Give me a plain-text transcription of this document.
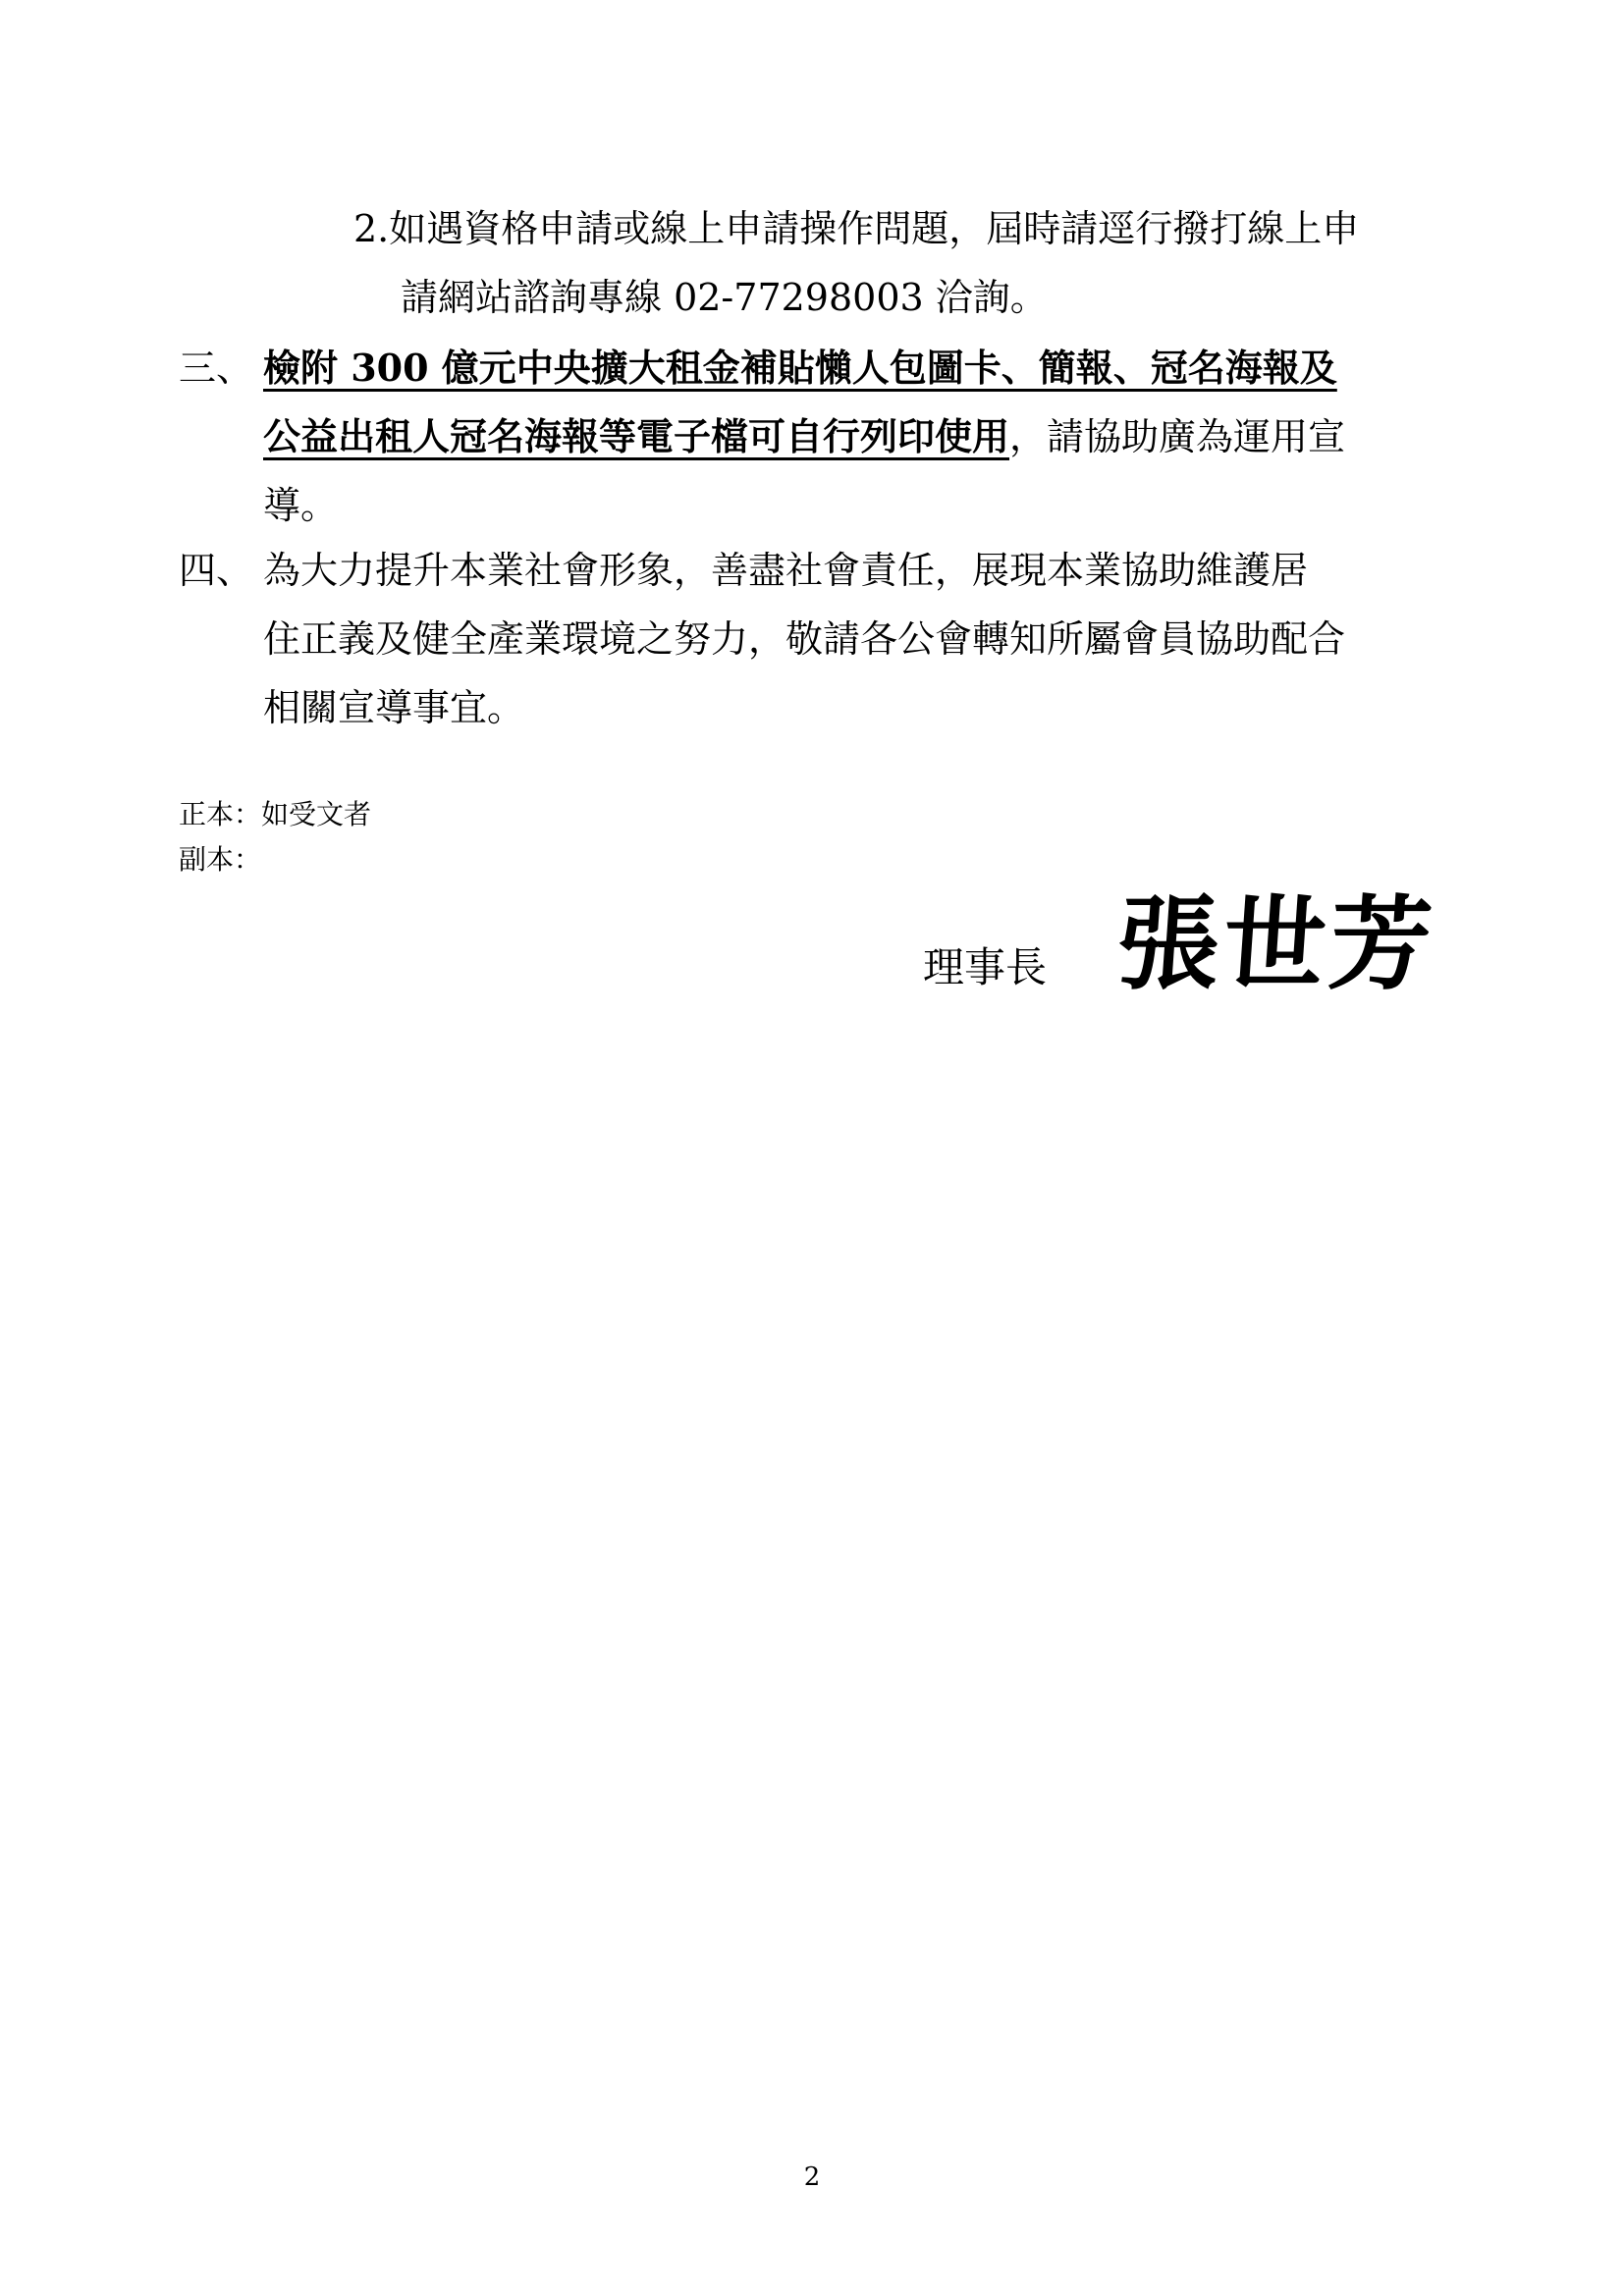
2.如遇資格申請或線上申請操作問題，屆時請逕行撥打線上申
請網站諮詢專線 02-77298003 洽詢。
三、 檢附 300 億元中央擴大租金補貼懶人包圖卡、簡報、冠名海報及
公益出租人冠名海報等電子檔可自行列印使用，請協助廣為運用宣
導。
四、 為大力提升本業社會形象，善盡社會責任，展現本業協助維護居
住正義及健全產業環境之努力，敬請各公會轉知所屬會員協助配合
相關宣導事宜。
正本：如受文者
副本：
理事長 張世芳
2
